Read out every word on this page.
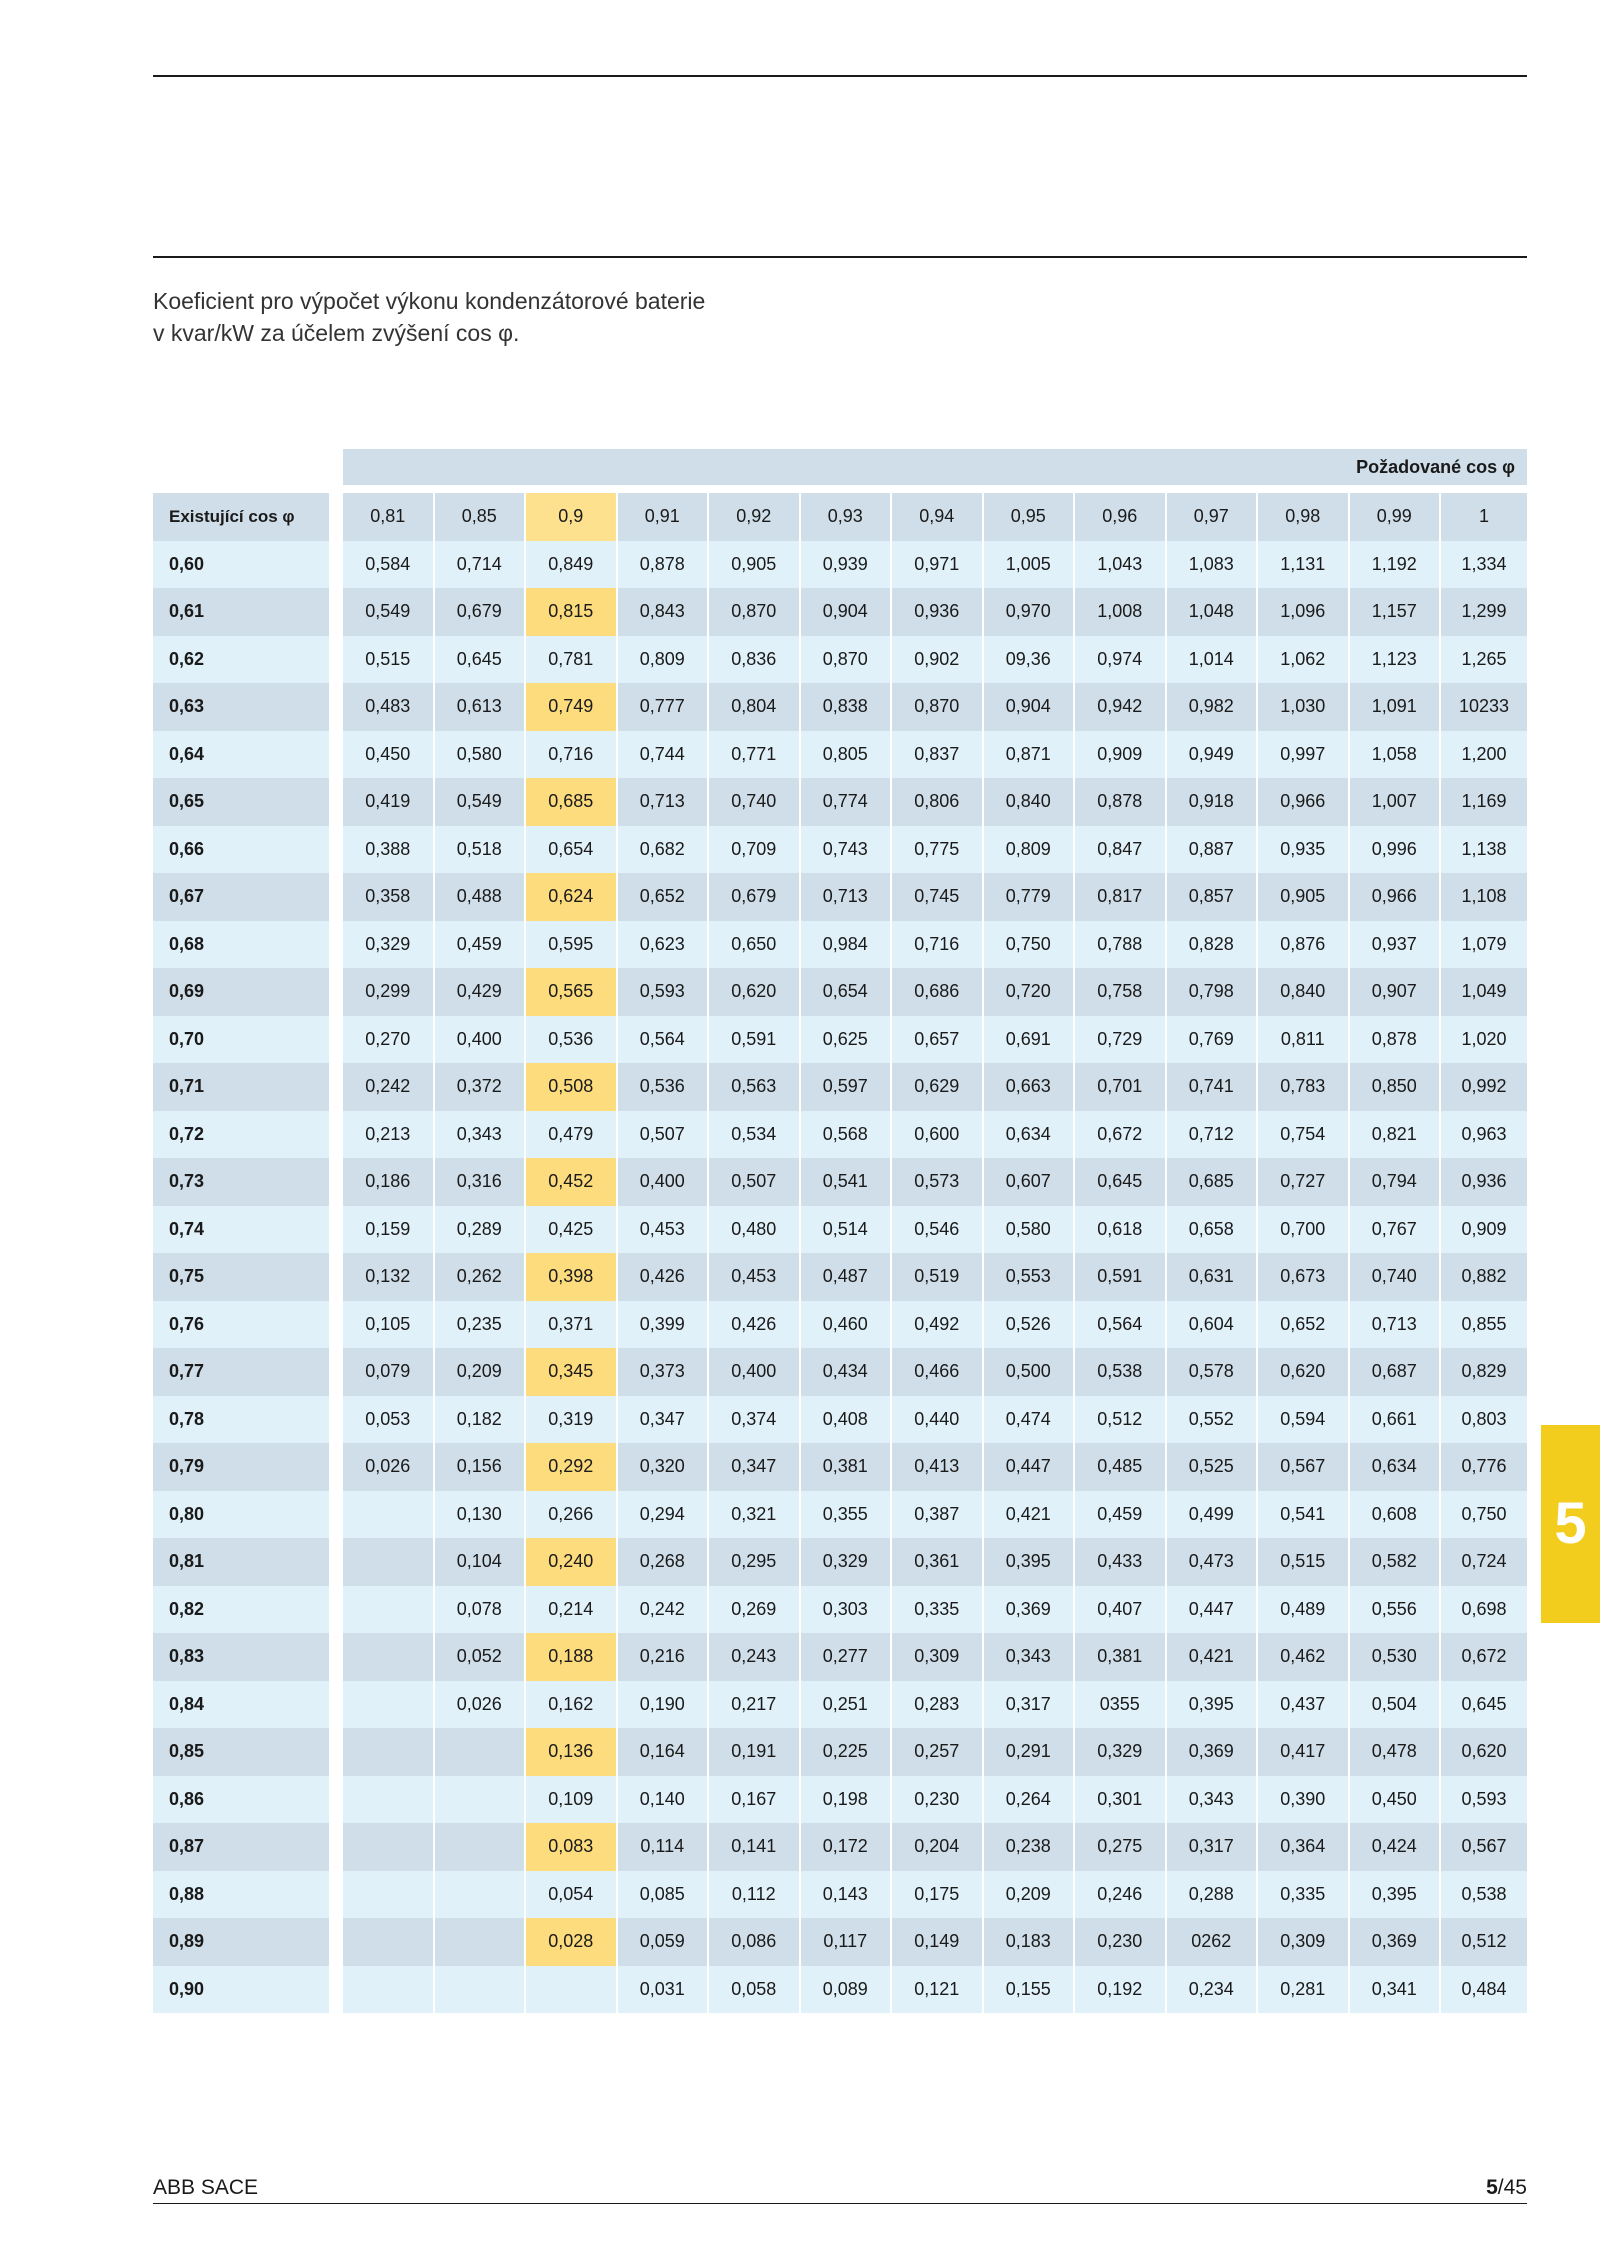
Koeficient pro výpočet výkonu kondenzátorové baterie
v kvar/kW za účelem zvýšení cos φ.
Požadované cos φ
Existující cos φ	0,81	0,85	0,9	0,91	0,92	0,93	0,94	0,95	0,96	0,97	0,98	0,99	1
0,60	0,584	0,714	0,849	0,878	0,905	0,939	0,971	1,005	1,043	1,083	1,131	1,192	1,334
0,61	0,549	0,679	0,815	0,843	0,870	0,904	0,936	0,970	1,008	1,048	1,096	1,157	1,299
0,62	0,515	0,645	0,781	0,809	0,836	0,870	0,902	09,36	0,974	1,014	1,062	1,123	1,265
0,63	0,483	0,613	0,749	0,777	0,804	0,838	0,870	0,904	0,942	0,982	1,030	1,091	10233
0,64	0,450	0,580	0,716	0,744	0,771	0,805	0,837	0,871	0,909	0,949	0,997	1,058	1,200
0,65	0,419	0,549	0,685	0,713	0,740	0,774	0,806	0,840	0,878	0,918	0,966	1,007	1,169
0,66	0,388	0,518	0,654	0,682	0,709	0,743	0,775	0,809	0,847	0,887	0,935	0,996	1,138
0,67	0,358	0,488	0,624	0,652	0,679	0,713	0,745	0,779	0,817	0,857	0,905	0,966	1,108
0,68	0,329	0,459	0,595	0,623	0,650	0,984	0,716	0,750	0,788	0,828	0,876	0,937	1,079
0,69	0,299	0,429	0,565	0,593	0,620	0,654	0,686	0,720	0,758	0,798	0,840	0,907	1,049
0,70	0,270	0,400	0,536	0,564	0,591	0,625	0,657	0,691	0,729	0,769	0,811	0,878	1,020
0,71	0,242	0,372	0,508	0,536	0,563	0,597	0,629	0,663	0,701	0,741	0,783	0,850	0,992
0,72	0,213	0,343	0,479	0,507	0,534	0,568	0,600	0,634	0,672	0,712	0,754	0,821	0,963
0,73	0,186	0,316	0,452	0,400	0,507	0,541	0,573	0,607	0,645	0,685	0,727	0,794	0,936
0,74	0,159	0,289	0,425	0,453	0,480	0,514	0,546	0,580	0,618	0,658	0,700	0,767	0,909
0,75	0,132	0,262	0,398	0,426	0,453	0,487	0,519	0,553	0,591	0,631	0,673	0,740	0,882
0,76	0,105	0,235	0,371	0,399	0,426	0,460	0,492	0,526	0,564	0,604	0,652	0,713	0,855
0,77	0,079	0,209	0,345	0,373	0,400	0,434	0,466	0,500	0,538	0,578	0,620	0,687	0,829
0,78	0,053	0,182	0,319	0,347	0,374	0,408	0,440	0,474	0,512	0,552	0,594	0,661	0,803
0,79	0,026	0,156	0,292	0,320	0,347	0,381	0,413	0,447	0,485	0,525	0,567	0,634	0,776
0,80		0,130	0,266	0,294	0,321	0,355	0,387	0,421	0,459	0,499	0,541	0,608	0,750
0,81		0,104	0,240	0,268	0,295	0,329	0,361	0,395	0,433	0,473	0,515	0,582	0,724
0,82		0,078	0,214	0,242	0,269	0,303	0,335	0,369	0,407	0,447	0,489	0,556	0,698
0,83		0,052	0,188	0,216	0,243	0,277	0,309	0,343	0,381	0,421	0,462	0,530	0,672
0,84		0,026	0,162	0,190	0,217	0,251	0,283	0,317	0355	0,395	0,437	0,504	0,645
0,85			0,136	0,164	0,191	0,225	0,257	0,291	0,329	0,369	0,417	0,478	0,620
0,86			0,109	0,140	0,167	0,198	0,230	0,264	0,301	0,343	0,390	0,450	0,593
0,87			0,083	0,114	0,141	0,172	0,204	0,238	0,275	0,317	0,364	0,424	0,567
0,88			0,054	0,085	0,112	0,143	0,175	0,209	0,246	0,288	0,335	0,395	0,538
0,89			0,028	0,059	0,086	0,117	0,149	0,183	0,230	0262	0,309	0,369	0,512
0,90				0,031	0,058	0,089	0,121	0,155	0,192	0,234	0,281	0,341	0,484
5
ABB SACE	5/45
